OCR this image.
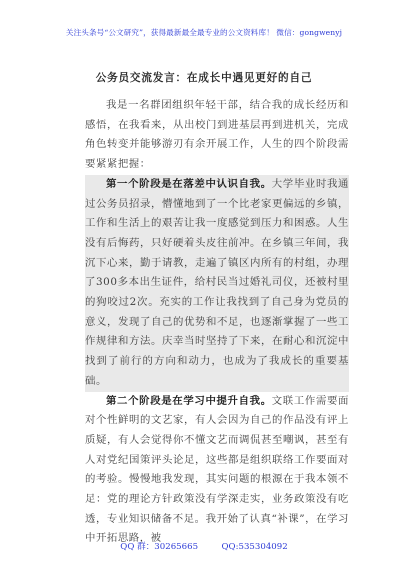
关注头条号“公文研究”，获得最新最全最专业的公文资料库！ 微信：gongwenyj
公务员交流发言：在成长中遇见更好的自己

我是一名群团组织年轻干部，结合我的成长经历和感悟，在我看来，从出校门到进基层再到进机关，完成角色转变并能够游刃有余开展工作，人生的四个阶段需要紧紧把握：

第一个阶段是在落差中认识自我。大学毕业时我通过公务员招录，懵懂地到了一个比老家更偏远的乡镇，工作和生活上的艰苦让我一度感觉到压力和困惑。人生没有后悔药，只好硬着头皮往前冲。在乡镇三年间，我沉下心来，勤于请教，走遍了镇区内所有的村组，办理了300多本出生证件，给村民当过婚礼司仪，还被村里的狗咬过2次。充实的工作让我找到了自己身为党员的意义，发现了自己的优势和不足，也逐渐掌握了一些工作规律和方法。庆幸当时坚持了下来，在耐心和沉淀中找到了前行的方向和动力，也成为了我成长的重要基础。

第二个阶段是在学习中提升自我。文联工作需要面对个性鲜明的文艺家，有人会因为自己的作品没有评上质疑，有人会觉得你不懂文艺而调侃甚至嘲讽，甚至有人对党纪国策评头论足，这些都是组织联络工作要面对的考验。慢慢地我发现，其实问题的根源在于我本领不足：党的理论方针政策没有学深走实，业务政策没有吃透，专业知识储备不足。我开始了认真“补课”，在学习中开拓思路，被

QQ 群：30265665	QQ:535304092
